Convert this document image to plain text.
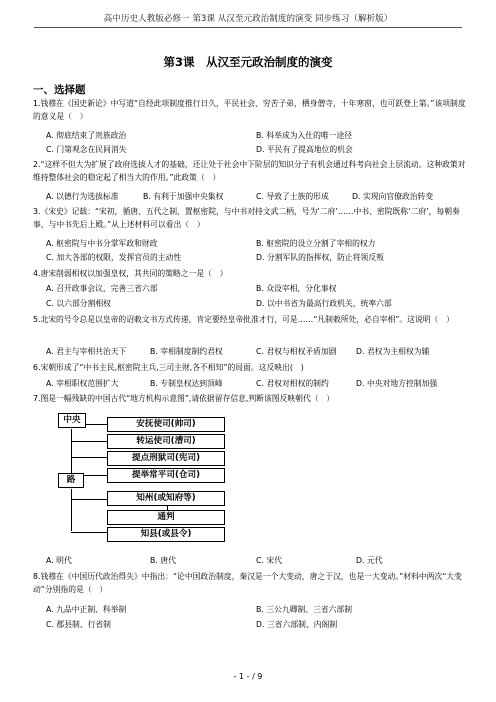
高中历史人教版必修一 第3课 从汉至元政治制度的演变 同步练习（解析版）
第3课　从汉至元政治制度的演变
一、选择题
1.钱穆在《国史新论》中写道“自经此项制度推行日久，平民社会、穷苦子弟，栖身僧寺，十年寒窗，也可跃登上第。”该项制度的意义是（　）
A. 彻底结束了贵族政治	B. 科举成为入仕的唯一途径
C. 门第观念在民间消失	D. 平民有了提高地位的机会
2.“这样不但大为扩展了政府选拔人才的基础，还让处于社会中下阶层的知识分子有机会通过科考向社会上层流动。这种政策对维持整体社会的稳定起了相当大的作用。”此政策（　）
A. 以德行为选拔标准	B. 有利于加强中央集权	C. 导致了士族的形成	D. 实现向官僚政治转变
3.《宋史》记载：“宋初，循唐、五代之制，置枢密院，与中书对持文武二柄，号为‘二府’……中书、密院既称‘二府’，每朝奏事，与中书先后上殿。”从上述材料可以看出（　）
A. 枢密院与中书分掌军政和财政	B. 枢密院的设立分割了宰相的权力
C. 加大各部的权限，发挥官员的主动性	D. 分割军队的指挥权，防止将领反叛
4.唐宋削弱相权以加强皇权，其共同的策略之一是（　）
A. 召开政事会议，完善三省六部	B. 众设宰相，分化事权
C. 以六部分割相权	D. 以中书省为最高行政机关，统率六部
5.北宋的号令总是以皇帝的诏敕文书方式传递，肯定要经皇帝批准才行，可是……“凡制敕所处，必自宰相”。这说明（　）
A. 君主与宰相共治天下	B. 宰相制度制约君权	C. 君权与相权矛盾加剧 D. 君权为主相权为辅
6.宋朝形成了“中书主民,枢密院主兵,三司主财,各不相知”的局面。这反映出(　)
A. 宰相职权范围扩大	B. 专制皇权达到顶峰	C. 君权对相权的制约	D. 中央对地方控制加强
7.图是一幅残缺的中国古代“地方机构示意图”,请依据留存信息,判断该图反映朝代（　）
中央
路
安抚使司(帅司)
转运使司(漕司)
提点刑狱司(宪司)
提举常平司(仓司)
知州(或知府等)
通判
知县(或县令)
A. 明代	B. 唐代	C. 宋代	D. 元代
8.钱穆在《中国历代政治得失》中指出：“论中国政治制度，秦汉是一个大变动，唐之于汉，也是一大变动。”材料中两次“大变动”分别指的是（　）
A. 九品中正制、科举制	B. 三公九卿制、三省六部制
C. 郡县制、行省制	D. 三省六部制、内阁制
- 1 - / 9
